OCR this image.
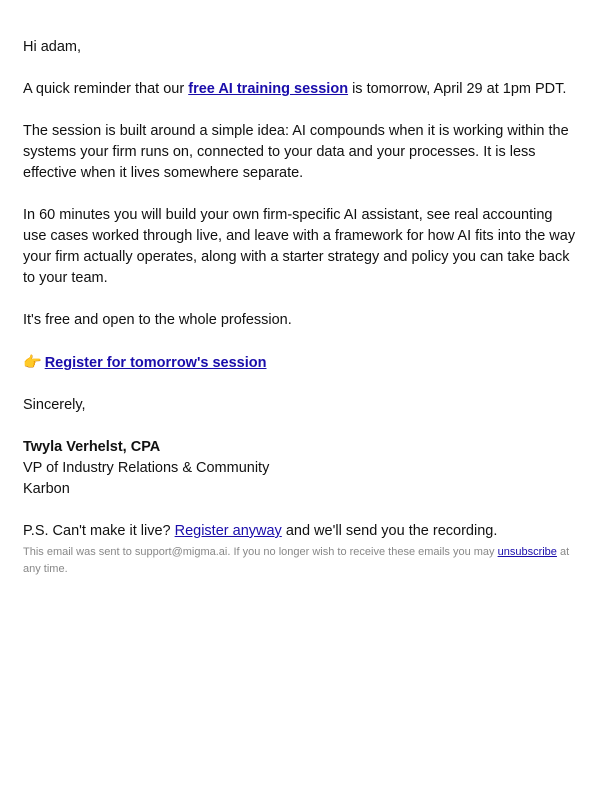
Hi adam,

A quick reminder that our free AI training session is tomorrow, April 29 at 1pm PDT.

The session is built around a simple idea: AI compounds when it is working within the systems your firm runs on, connected to your data and your processes. It is less effective when it lives somewhere separate.

In 60 minutes you will build your own firm-specific AI assistant, see real accounting use cases worked through live, and leave with a framework for how AI fits into the way your firm actually operates, along with a starter strategy and policy you can take back to your team.

It's free and open to the whole profession.

👉 Register for tomorrow's session

Sincerely,

Twyla Verhelst, CPA
VP of Industry Relations & Community
Karbon

P.S. Can't make it live? Register anyway and we'll send you the recording.

This email was sent to support@migma.ai. If you no longer wish to receive these emails you may unsubscribe at any time.
